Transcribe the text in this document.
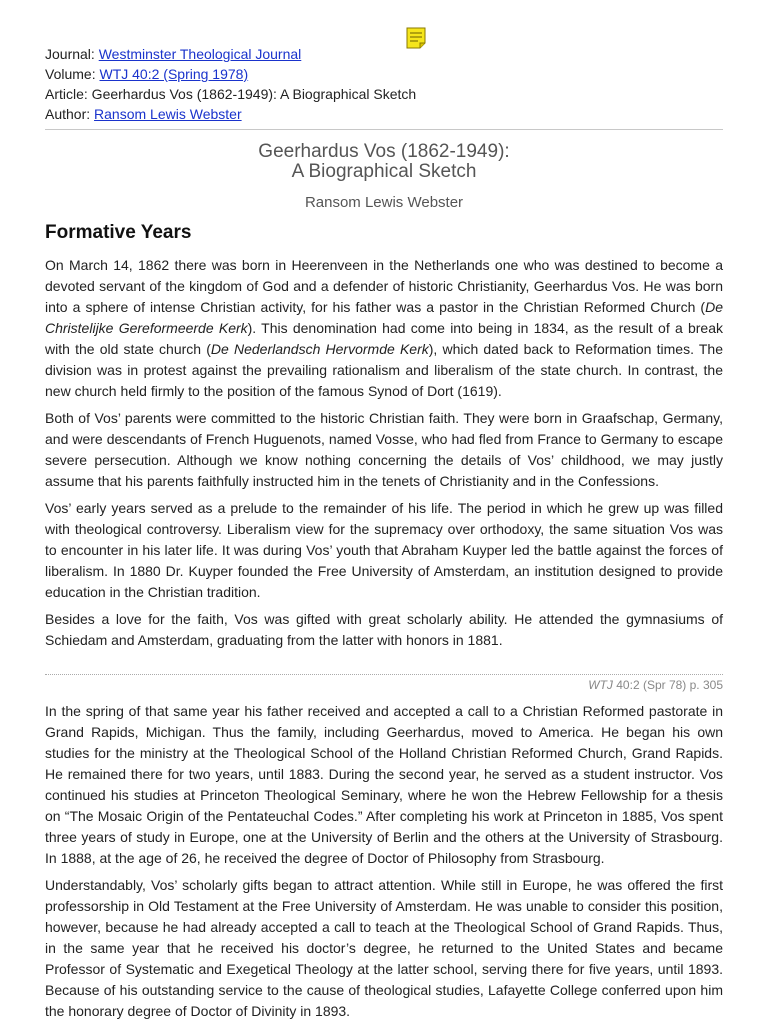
Journal: Westminster Theological Journal
Volume: WTJ 40:2 (Spring 1978)
Article: Geerhardus Vos (1862-1949): A Biographical Sketch
Author: Ransom Lewis Webster
Geerhardus Vos (1862-1949):
A Biographical Sketch
Ransom Lewis Webster
Formative Years

On March 14, 1862 there was born in Heerenveen in the Netherlands one who was destined to become a devoted servant of the kingdom of God and a defender of historic Christianity, Geerhardus Vos. He was born into a sphere of intense Christian activity, for his father was a pastor in the Christian Reformed Church (De Christelijke Gereformeerde Kerk). This denomination had come into being in 1834, as the result of a break with the old state church (De Nederlandsch Hervormde Kerk), which dated back to Reformation times. The division was in protest against the prevailing rationalism and liberalism of the state church. In contrast, the new church held firmly to the position of the famous Synod of Dort (1619).

Both of Vos’ parents were committed to the historic Christian faith. They were born in Graafschap, Germany, and were descendants of French Huguenots, named Vosse, who had fled from France to Germany to escape severe persecution. Although we know nothing concerning the details of Vos’ childhood, we may justly assume that his parents faithfully instructed him in the tenets of Christianity and in the Confessions.

Vos’ early years served as a prelude to the remainder of his life. The period in which he grew up was filled with theological controversy. Liberalism view for the supremacy over orthodoxy, the same situation Vos was to encounter in his later life. It was during Vos’ youth that Abraham Kuyper led the battle against the forces of liberalism. In 1880 Dr. Kuyper founded the Free University of Amsterdam, an institution designed to provide education in the Christian tradition.

Besides a love for the faith, Vos was gifted with great scholarly ability. He attended the gymnasiums of Schiedam and Amsterdam, graduating from the latter with honors in 1881.

WTJ 40:2 (Spr 78) p. 305

In the spring of that same year his father received and accepted a call to a Christian Reformed pastorate in Grand Rapids, Michigan. Thus the family, including Geerhardus, moved to America. He began his own studies for the ministry at the Theological School of the Holland Christian Reformed Church, Grand Rapids. He remained there for two years, until 1883. During the second year, he served as a student instructor. Vos continued his studies at Princeton Theological Seminary, where he won the Hebrew Fellowship for a thesis on “The Mosaic Origin of the Pentateuchal Codes.” After completing his work at Princeton in 1885, Vos spent three years of study in Europe, one at the University of Berlin and the others at the University of Strasbourg. In 1888, at the age of 26, he received the degree of Doctor of Philosophy from Strasbourg.

Understandably, Vos’ scholarly gifts began to attract attention. While still in Europe, he was offered the first professorship in Old Testament at the Free University of Amsterdam. He was unable to consider this position, however, because he had already accepted a call to teach at the Theological School of Grand Rapids. Thus, in the same year that he received his doctor’s degree, he returned to the United States and became Professor of Systematic and Exegetical Theology at the latter school, serving there for five years, until 1893. Because of his outstanding service to the cause of theological studies, Lafayette College conferred upon him the honorary degree of Doctor of Divinity in 1893.
